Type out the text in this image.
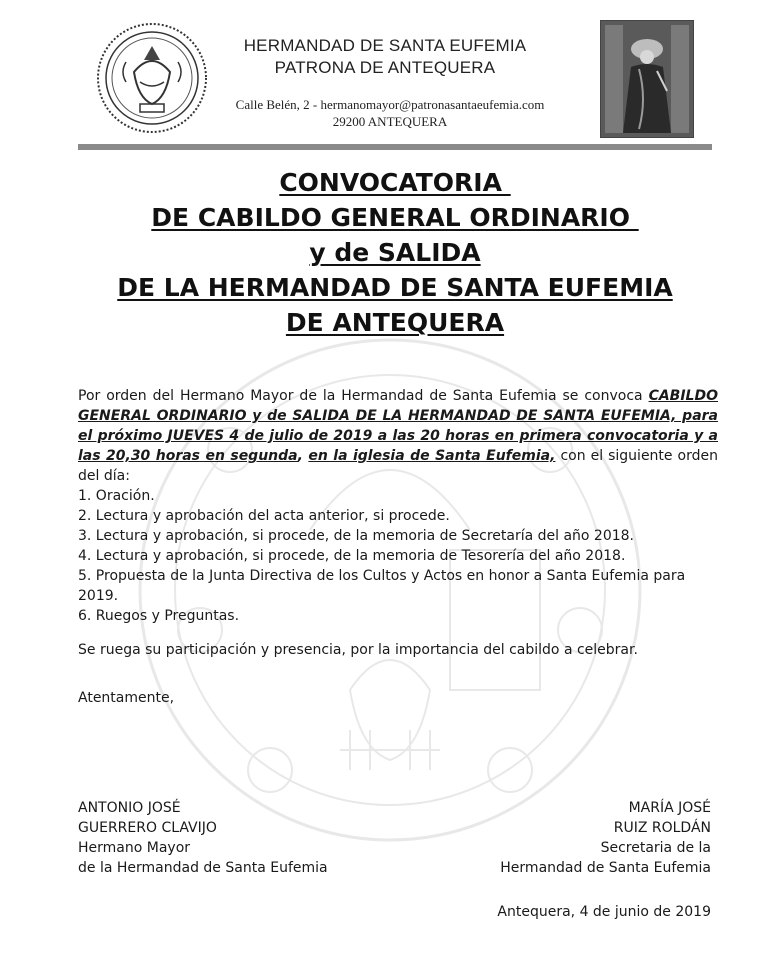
HERMANDAD DE SANTA EUFEMIA
PATRONA DE ANTEQUERA
Calle Belén, 2 - hermanomayor@patronasantaeufemia.com
29200 ANTEQUERA
CONVOCATORIA
DE CABILDO GENERAL ORDINARIO
y de SALIDA
DE LA HERMANDAD DE SANTA EUFEMIA
DE ANTEQUERA
Por orden del Hermano Mayor de la Hermandad de Santa Eufemia se convoca CABILDO GENERAL ORDINARIO y de SALIDA DE LA HERMANDAD DE SANTA EUFEMIA, para el próximo JUEVES 4 de julio de 2019 a las 20 horas en primera convocatoria y a las 20,30 horas en segunda, en la iglesia de Santa Eufemia, con el siguiente orden del día:
1. Oración.
2. Lectura y aprobación del acta anterior, si procede.
3. Lectura y aprobación, si procede, de la memoria de Secretaría del año 2018.
4. Lectura y aprobación, si procede, de la memoria de Tesorería del año 2018.
5. Propuesta de la Junta Directiva de los Cultos y Actos en honor a Santa Eufemia para 2019.
6. Ruegos y Preguntas.
Se ruega su participación y presencia, por la importancia del cabildo a celebrar.
Atentamente,
ANTONIO JOSÉ
GUERRERO CLAVIJO
Hermano Mayor
de la Hermandad de Santa Eufemia
MARÍA JOSÉ
RUIZ ROLDÁN
Secretaria de la
Hermandad de Santa Eufemia
Antequera, 4 de junio de 2019
